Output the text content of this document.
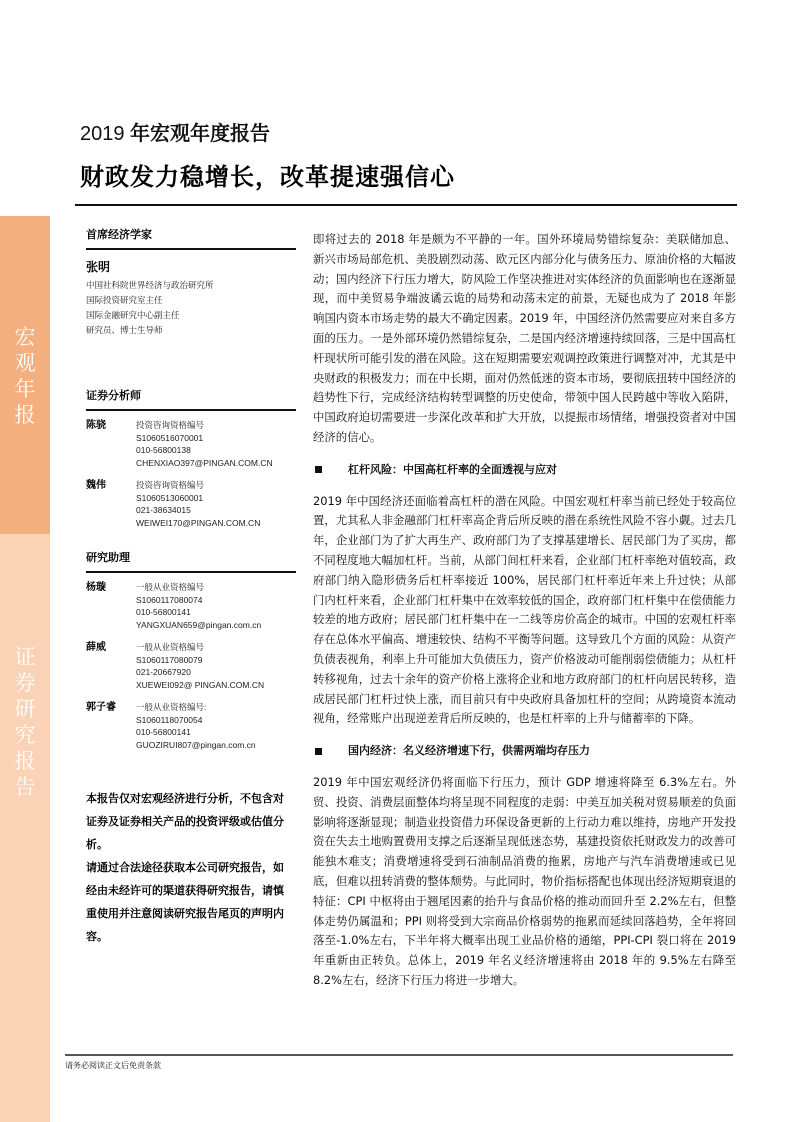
宏
观
年
报
证
券
研
究
报
告
2019 年宏观年度报告
财政发力稳增长，改革提速强信心
首席经济学家
张明
中国社科院世界经济与政治研究所
国际投资研究室主任
国际金融研究中心副主任
研究员、博士生导师
证券分析师
陈骁	投资咨询资格编号
S1060516070001
010-56800138
CHENXIAO397@PINGAN.COM.CN
魏伟	投资咨询资格编号
S1060513060001
021-38634015
WEIWEI170@PINGAN.COM.CN
研究助理
杨璇	一般从业资格编号
S1060117080074
010-56800141
YANGXUAN659@pingan.com.cn
薛威	一般从业资格编号
S1060117080079
021-20667920
XUEWEI092@ PINGAN.COM.CN
郭子睿	一般从业资格编号:
S1060118070054
010-56800141
GUOZIRUI807@pingan.com.cn

本报告仅对宏观经济进行分析，不包含对证券及证券相关产品的投资评级或估值分析。

请通过合法途径获取本公司研究报告，如经由未经许可的渠道获得研究报告，请慎重使用并注意阅读研究报告尾页的声明内容。

即将过去的 2018 年是颇为不平静的一年。国外环境局势错综复杂：美联储加息、新兴市场局部危机、美股剧烈动荡、欧元区内部分化与债务压力、原油价格的大幅波动；国内经济下行压力增大，防风险工作坚决推进对实体经济的负面影响也在逐渐显现，而中美贸易争端波谲云诡的局势和动荡未定的前景，无疑也成为了 2018 年影响国内资本市场走势的最大不确定因素。2019 年，中国经济仍然需要应对来自多方面的压力。一是外部环境仍然错综复杂，二是国内经济增速持续回落，三是中国高杠杆现状所可能引发的潜在风险。这在短期需要宏观调控政策进行调整对冲，尤其是中央财政的积极发力；而在中长期，面对仍然低迷的资本市场，要彻底扭转中国经济的趋势性下行，完成经济结构转型调整的历史使命，带领中国人民跨越中等收入陷阱，中国政府迫切需要进一步深化改革和扩大开放，以提振市场情绪，增强投资者对中国经济的信心。

杠杆风险：中国高杠杆率的全面透视与应对

2019 年中国经济还面临着高杠杆的潜在风险。中国宏观杠杆率当前已经处于较高位置，尤其私人非金融部门杠杆率高企背后所反映的潜在系统性风险不容小觑。过去几年，企业部门为了扩大再生产、政府部门为了支撑基建增长、居民部门为了买房，都不同程度地大幅加杠杆。当前，从部门间杠杆来看，企业部门杠杆率绝对值较高，政府部门纳入隐形债务后杠杆率接近 100%，居民部门杠杆率近年来上升过快；从部门内杠杆来看，企业部门杠杆集中在效率较低的国企，政府部门杠杆集中在偿债能力较差的地方政府；居民部门杠杆集中在一二线等房价高企的城市。中国的宏观杠杆率存在总体水平偏高、增速较快、结构不平衡等问题。这导致几个方面的风险：从资产负债表视角，利率上升可能加大负债压力，资产价格波动可能削弱偿债能力；从杠杆转移视角，过去十余年的资产价格上涨将企业和地方政府部门的杠杆向居民转移，造成居民部门杠杆过快上涨，而目前只有中央政府具备加杠杆的空间；从跨境资本流动视角，经常账户出现逆差背后所反映的，也是杠杆率的上升与储蓄率的下降。

国内经济：名义经济增速下行，供需两端均存压力

2019 年中国宏观经济仍将面临下行压力，预计 GDP 增速将降至 6.3%左右。外贸、投资、消费层面整体均将呈现不同程度的走弱：中美互加关税对贸易顺差的负面影响将逐渐显现；制造业投资借力环保设备更新的上行动力难以维持，房地产开发投资在失去土地购置费用支撑之后逐渐呈现低迷态势，基建投资依托财政发力的改善可能独木难支；消费增速将受到石油制品消费的拖累，房地产与汽车消费增速或已见底，但难以扭转消费的整体颓势。与此同时，物价指标搭配也体现出经济短期衰退的特征：CPI 中枢将由于翘尾因素的抬升与食品价格的推动而回升至 2.2%左右，但整体走势仍属温和；PPI 则将受到大宗商品价格弱势的拖累而延续回落趋势，全年将回落至-1.0%左右，下半年将大概率出现工业品价格的通缩，PPI-CPI 裂口将在 2019 年重新由正转负。总体上，2019 年名义经济增速将由 2018 年的 9.5%左右降至 8.2%左右，经济下行压力将进一步增大。

请务必阅读正文后免责条款
